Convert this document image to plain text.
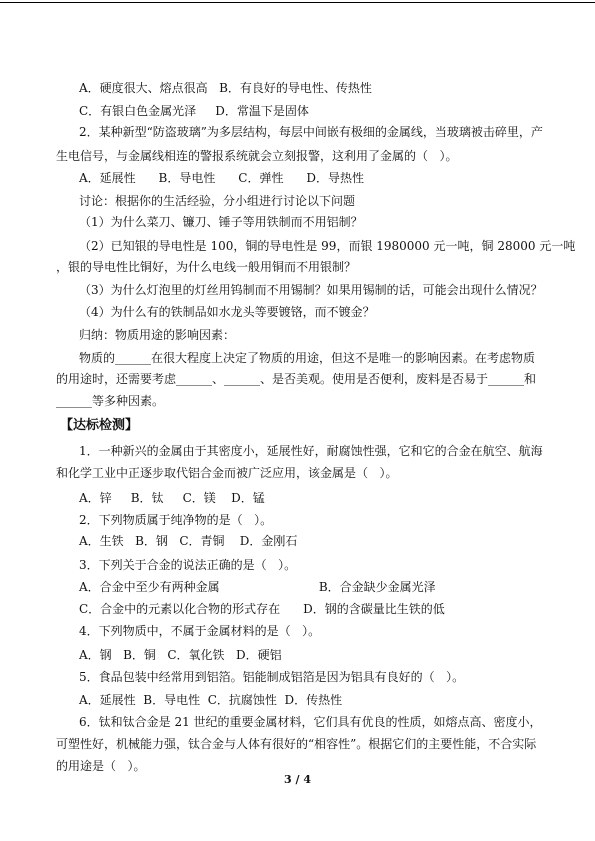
A．硬度很大、熔点很高   B．有良好的导电性、传热性
C．有银白色金属光泽     D．常温下是固体
2．某种新型“防盗玻璃”为多层结构，每层中间嵌有极细的金属线，当玻璃被击碎里，产
生电信号，与金属线相连的警报系统就会立刻报警，这利用了金属的（   ）。
A．延展性      B．导电性      C．弹性      D．导热性
讨论：根据你的生活经验，分小组进行讨论以下问题
（1）为什么菜刀、镰刀、锤子等用铁制而不用铝制？
（2）已知银的导电性是 100，铜的导电性是 99，而银 1980000 元一吨，铜 28000 元一吨
，银的导电性比铜好，为什么电线一般用铜而不用银制？
（3）为什么灯泡里的灯丝用钨制而不用锡制？如果用锡制的话，可能会出现什么情况？
（4）为什么有的铁制品如水龙头等要镀铬，而不镀金？
归纳：物质用途的影响因素：
物质的______在很大程度上决定了物质的用途，但这不是唯一的影响因素。在考虑物质
的用途时，还需要考虑______、______、是否美观。使用是否便利，废料是否易于______和
______等多种因素。
【达标检测】
1．一种新兴的金属由于其密度小，延展性好，耐腐蚀性强，它和它的合金在航空、航海
和化学工业中正逐步取代铝合金而被广泛应用，该金属是（   ）。
A．锌     B．钛     C．镁    D．锰
2．下列物质属于纯净物的是（   ）。
A．生铁   B．钢   C．青铜    D．金刚石
3．下列关于合金的说法正确的是（   ）。
A．合金中至少有两种金属                          B．合金缺少金属光泽
C．合金中的元素以化合物的形式存在      D．钢的含碳量比生铁的低
4．下列物质中，不属于金属材料的是（   ）。
A．钢   B．铜   C．氧化铁   D．硬铝
5．食品包装中经常用到铝箔。铝能制成铝箔是因为铝具有良好的（   ）。
A．延展性  B．导电性  C．抗腐蚀性  D．传热性
6．钛和钛合金是 21 世纪的重要金属材料，它们具有优良的性质，如熔点高、密度小，
可塑性好，机械能力强，钛合金与人体有很好的“相容性”。根据它们的主要性能，不合实际
的用途是（   ）。
3 / 4
